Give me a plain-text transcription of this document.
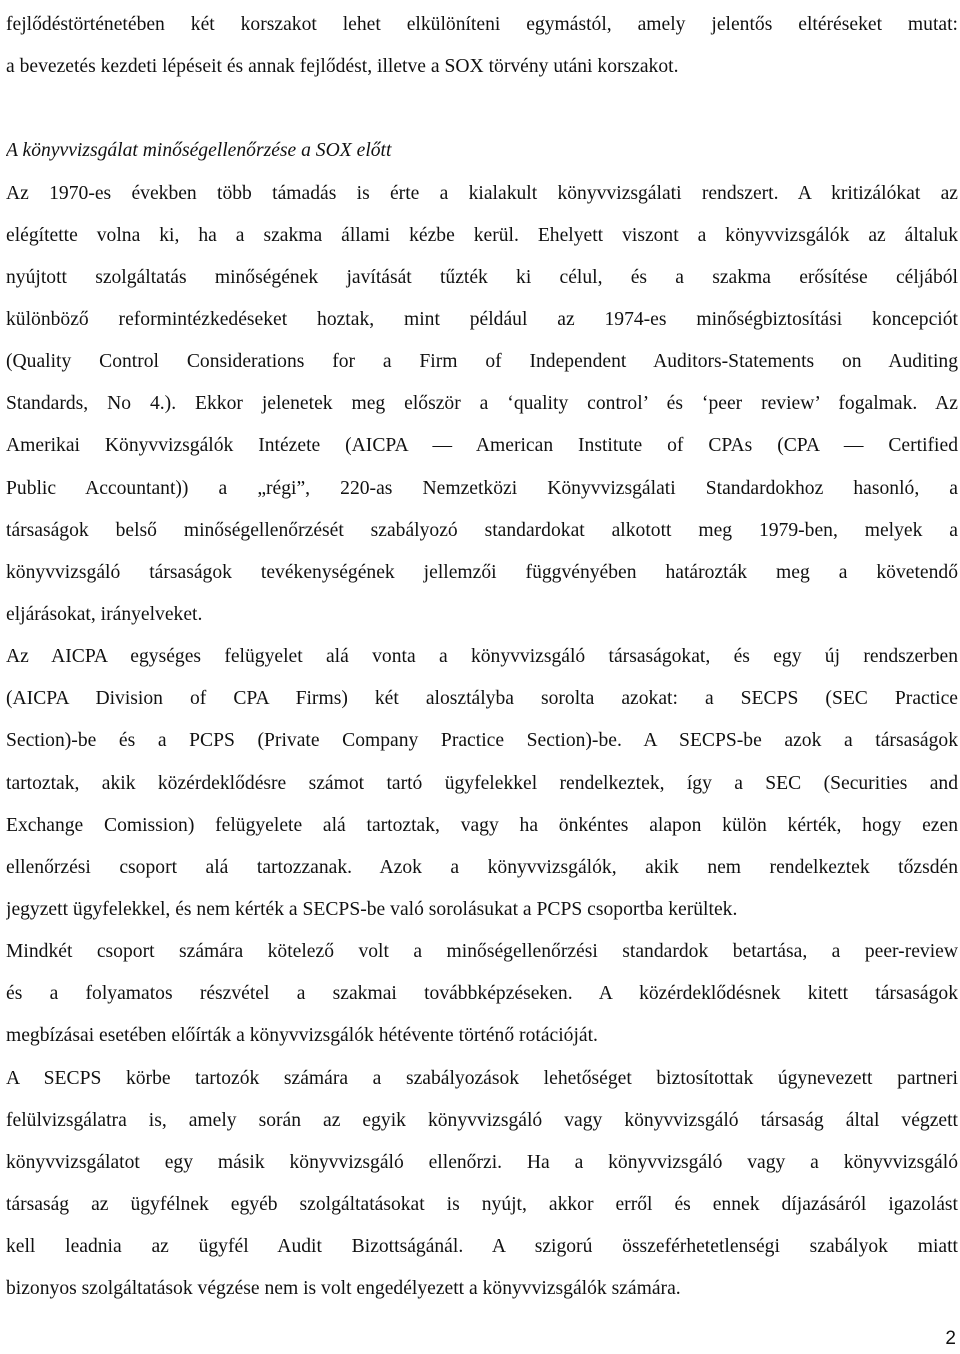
fejlődéstörténetében két korszakot lehet elkülöníteni egymástól, amely jelentős eltéréseket mutat:
a bevezetés kezdeti lépéseit és annak fejlődést, illetve a SOX törvény utáni korszakot.
A könyvvizsgálat minőségellenőrzése a SOX előtt
Az 1970-es években több támadás is érte a kialakult könyvvizsgálati rendszert. A kritizálókat az
elégítette volna ki, ha a szakma állami kézbe kerül. Ehelyett viszont a könyvvizsgálók az általuk
nyújtott szolgáltatás minőségének javítását tűzték ki célul, és a szakma erősítése céljából
különböző reformintézkedéseket hoztak, mint például az 1974-es minőségbiztosítási koncepciót
(Quality Control Considerations for a Firm of Independent Auditors-Statements on Auditing
Standards, No 4.). Ekkor jelenetek meg először a ‘quality control’ és ‘peer review’ fogalmak. Az
Amerikai Könyvvizsgálók Intézete (AICPA ― American Institute of CPAs (CPA ― Certified
Public Accountant)) a „régi”, 220-as Nemzetközi Könyvvizsgálati Standardokhoz hasonló, a
társaságok belső minőségellenőrzését szabályozó standardokat alkotott meg 1979-ben, melyek a
könyvvizsgáló társaságok tevékenységének jellemzői függvényében határozták meg a követendő
eljárásokat, irányelveket.
Az AICPA egységes felügyelet alá vonta a könyvvizsgáló társaságokat, és egy új rendszerben
(AICPA Division of CPA Firms) két alosztályba sorolta azokat: a SECPS (SEC Practice
Section)-be és a PCPS (Private Company Practice Section)-be. A SECPS-be azok a társaságok
tartoztak, akik közérdeklődésre számot tartó ügyfelekkel rendelkeztek, így a SEC (Securities and
Exchange Comission) felügyelete alá tartoztak, vagy ha önkéntes alapon külön kérték, hogy ezen
ellenőrzési csoport alá tartozzanak. Azok a könyvvizsgálók, akik nem rendelkeztek tőzsdén
jegyzett ügyfelekkel, és nem kérték a SECPS-be való sorolásukat a PCPS csoportba kerültek.
Mindkét csoport számára kötelező volt a minőségellenőrzési standardok betartása, a peer-review
és a folyamatos részvétel a szakmai továbbképzéseken. A közérdeklődésnek kitett társaságok
megbízásai esetében előírták a könyvvizsgálók hétévente történő rotációját.
A SECPS körbe tartozók számára a szabályozások lehetőséget biztosítottak úgynevezett partneri
felülvizsgálatra is, amely során az egyik könyvvizsgáló vagy könyvvizsgáló társaság által végzett
könyvvizsgálatot egy másik könyvvizsgáló ellenőrzi. Ha a könyvvizsgáló vagy a könyvvizsgáló
társaság az ügyfélnek egyéb szolgáltatásokat is nyújt, akkor erről és ennek díjazásáról igazolást
kell leadnia az ügyfél Audit Bizottságánál. A szigorú összeférhetetlenségi szabályok miatt
bizonyos szolgáltatások végzése nem is volt engedélyezett a könyvvizsgálók számára.
2
